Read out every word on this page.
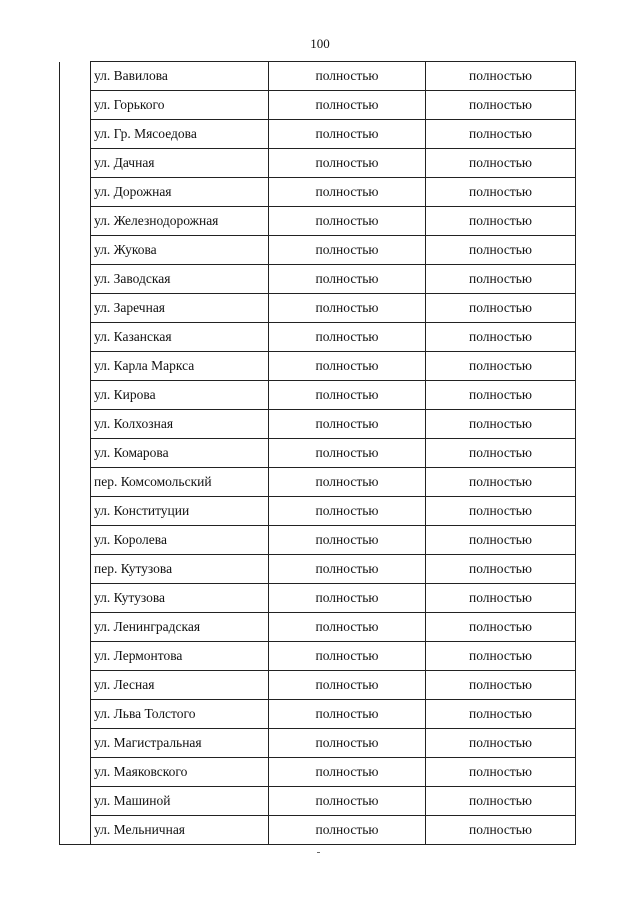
100
	ул. Вавилова	полностью	полностью
	ул. Горького	полностью	полностью
	ул. Гр. Мясоедова	полностью	полностью
	ул. Дачная	полностью	полностью
	ул. Дорожная	полностью	полностью
	ул. Железнодорожная	полностью	полностью
	ул. Жукова	полностью	полностью
	ул. Заводская	полностью	полностью
	ул. Заречная	полностью	полностью
	ул. Казанская	полностью	полностью
	ул. Карла Маркса	полностью	полностью
	ул. Кирова	полностью	полностью
	ул. Колхозная	полностью	полностью
	ул. Комарова	полностью	полностью
	пер. Комсомольский	полностью	полностью
	ул. Конституции	полностью	полностью
	ул. Королева	полностью	полностью
	пер. Кутузова	полностью	полностью
	ул. Кутузова	полностью	полностью
	ул. Ленинградская	полностью	полностью
	ул. Лермонтова	полностью	полностью
	ул. Лесная	полностью	полностью
	ул. Льва Толстого	полностью	полностью
	ул. Магистральная	полностью	полностью
	ул. Маяковского	полностью	полностью
	ул. Машиной	полностью	полностью
	ул. Мельничная	полностью	полностью
